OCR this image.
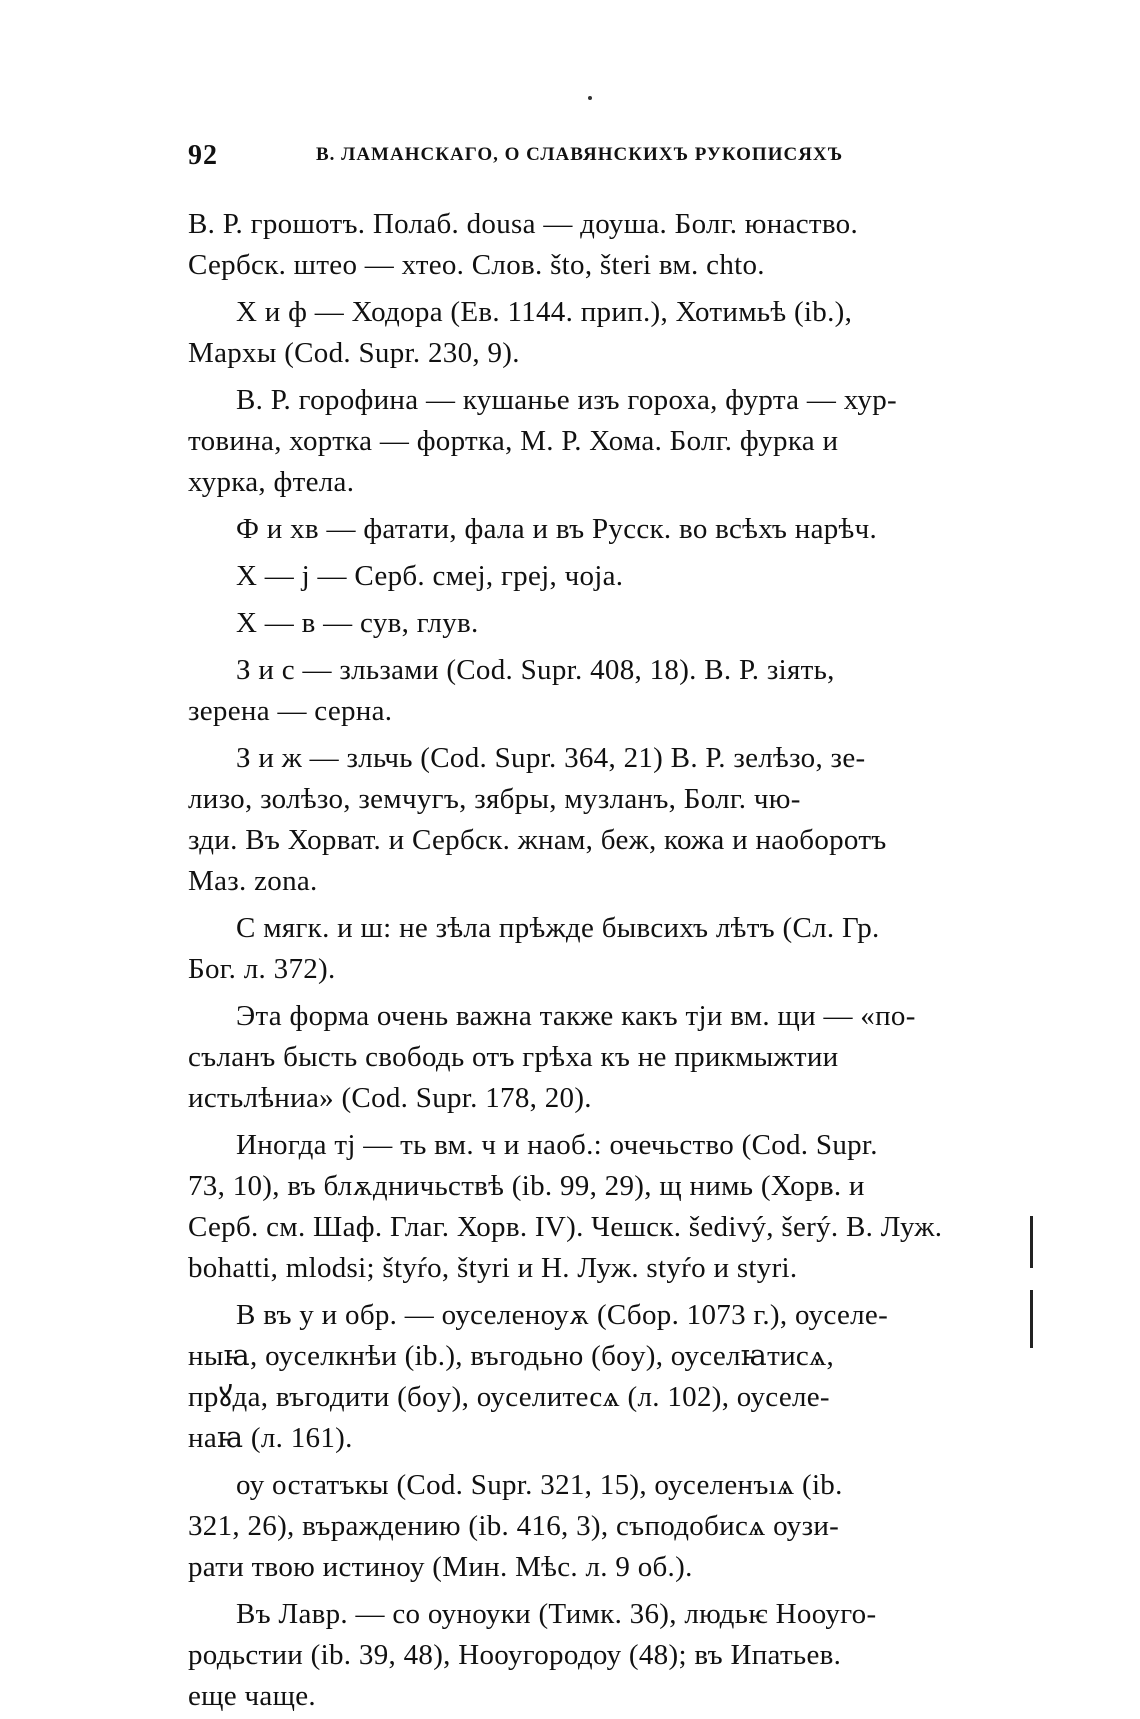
92	В. ЛАМАНСКАГО, О СЛАВЯНСКИХЪ РУКОПИСЯХЪ
В. Р. грошотъ. Полаб. dousa — доуша. Болг. юнаство.
Сербск. штео — хтео. Слов. što, šteri вм. chto.
Х и ф — Ходора (Ев. 1144. прип.), Хотимьѣ (ib.),
Мархы (Cod. Supr. 230, 9).
В. Р. горофина — кушанье изъ гороха, фурта — хур-
товина, хортка — фортка, М. Р. Хома. Болг. фурка и
хурка, фтела.
Ф и хв — фатати, фала и въ Русск. во всѣхъ нарѣч.
Х — j — Серб. смеј, греј, чоја.
Х — в — сув, глув.
З и с — зльзами (Cod. Supr. 408, 18). В. Р. зiять,
зерена — серна.
З и ж — зльчь (Cod. Supr. 364, 21) В. Р. зелѣзо, зе-
лизо, золѣзо, земчугъ, зябры, музланъ, Болг. чю-
зди. Въ Хорват. и Сербск. жнам, беж, кожа и наоборотъ
Маз. zona.
С мягк. и ш: не зѣла прѣжде бывсихъ лѣтъ (Сл. Гр.
Бог. л. 372).
Эта форма очень важна также какъ тји вм. щи — «по-
сълaнъ бысть свободь отъ грѣха къ не прикмыжтии
истьлѣниа» (Cod. Supr. 178, 20).
Иногда тј — ть вм. ч и наоб.: очечьство (Cod. Supr.
73, 10), въ блѫдничьствѣ (ib. 99, 29), щ нимь (Хорв. и
Серб. см. Шаф. Глаг. Хорв. IV). Чешск. šedivý, šerý. В. Луж.
bohatti, mlodsi; štyŕo, štyri и Н. Луж. styŕo и styri.
В въ у и обр. — оуселеноуѫ (Сбор. 1073 г.), оуселе-
ныꙗ, оуселкнѣи (ib.), въгодьно (бoу), оуселꙗтисѧ,
прꙋда, въгодити (бoу), оуселитесѧ (л. 102), оуселе-
наꙗ (л. 161).
оу остатъкы (Cod. Supr. 321, 15), оуселенъıѧ (ib.
321, 26), въраждению (ib. 416, 3), съподобисѧ оузи-
рати твою истиноу (Мин. Мѣс. л. 9 об.).
Въ Лавр. — со оуноуки (Тимк. 36), людьѥ Нооуго-
родьстии (ib. 39, 48), Нооугородоу (48); въ Ипатьев.
еще чаще.
